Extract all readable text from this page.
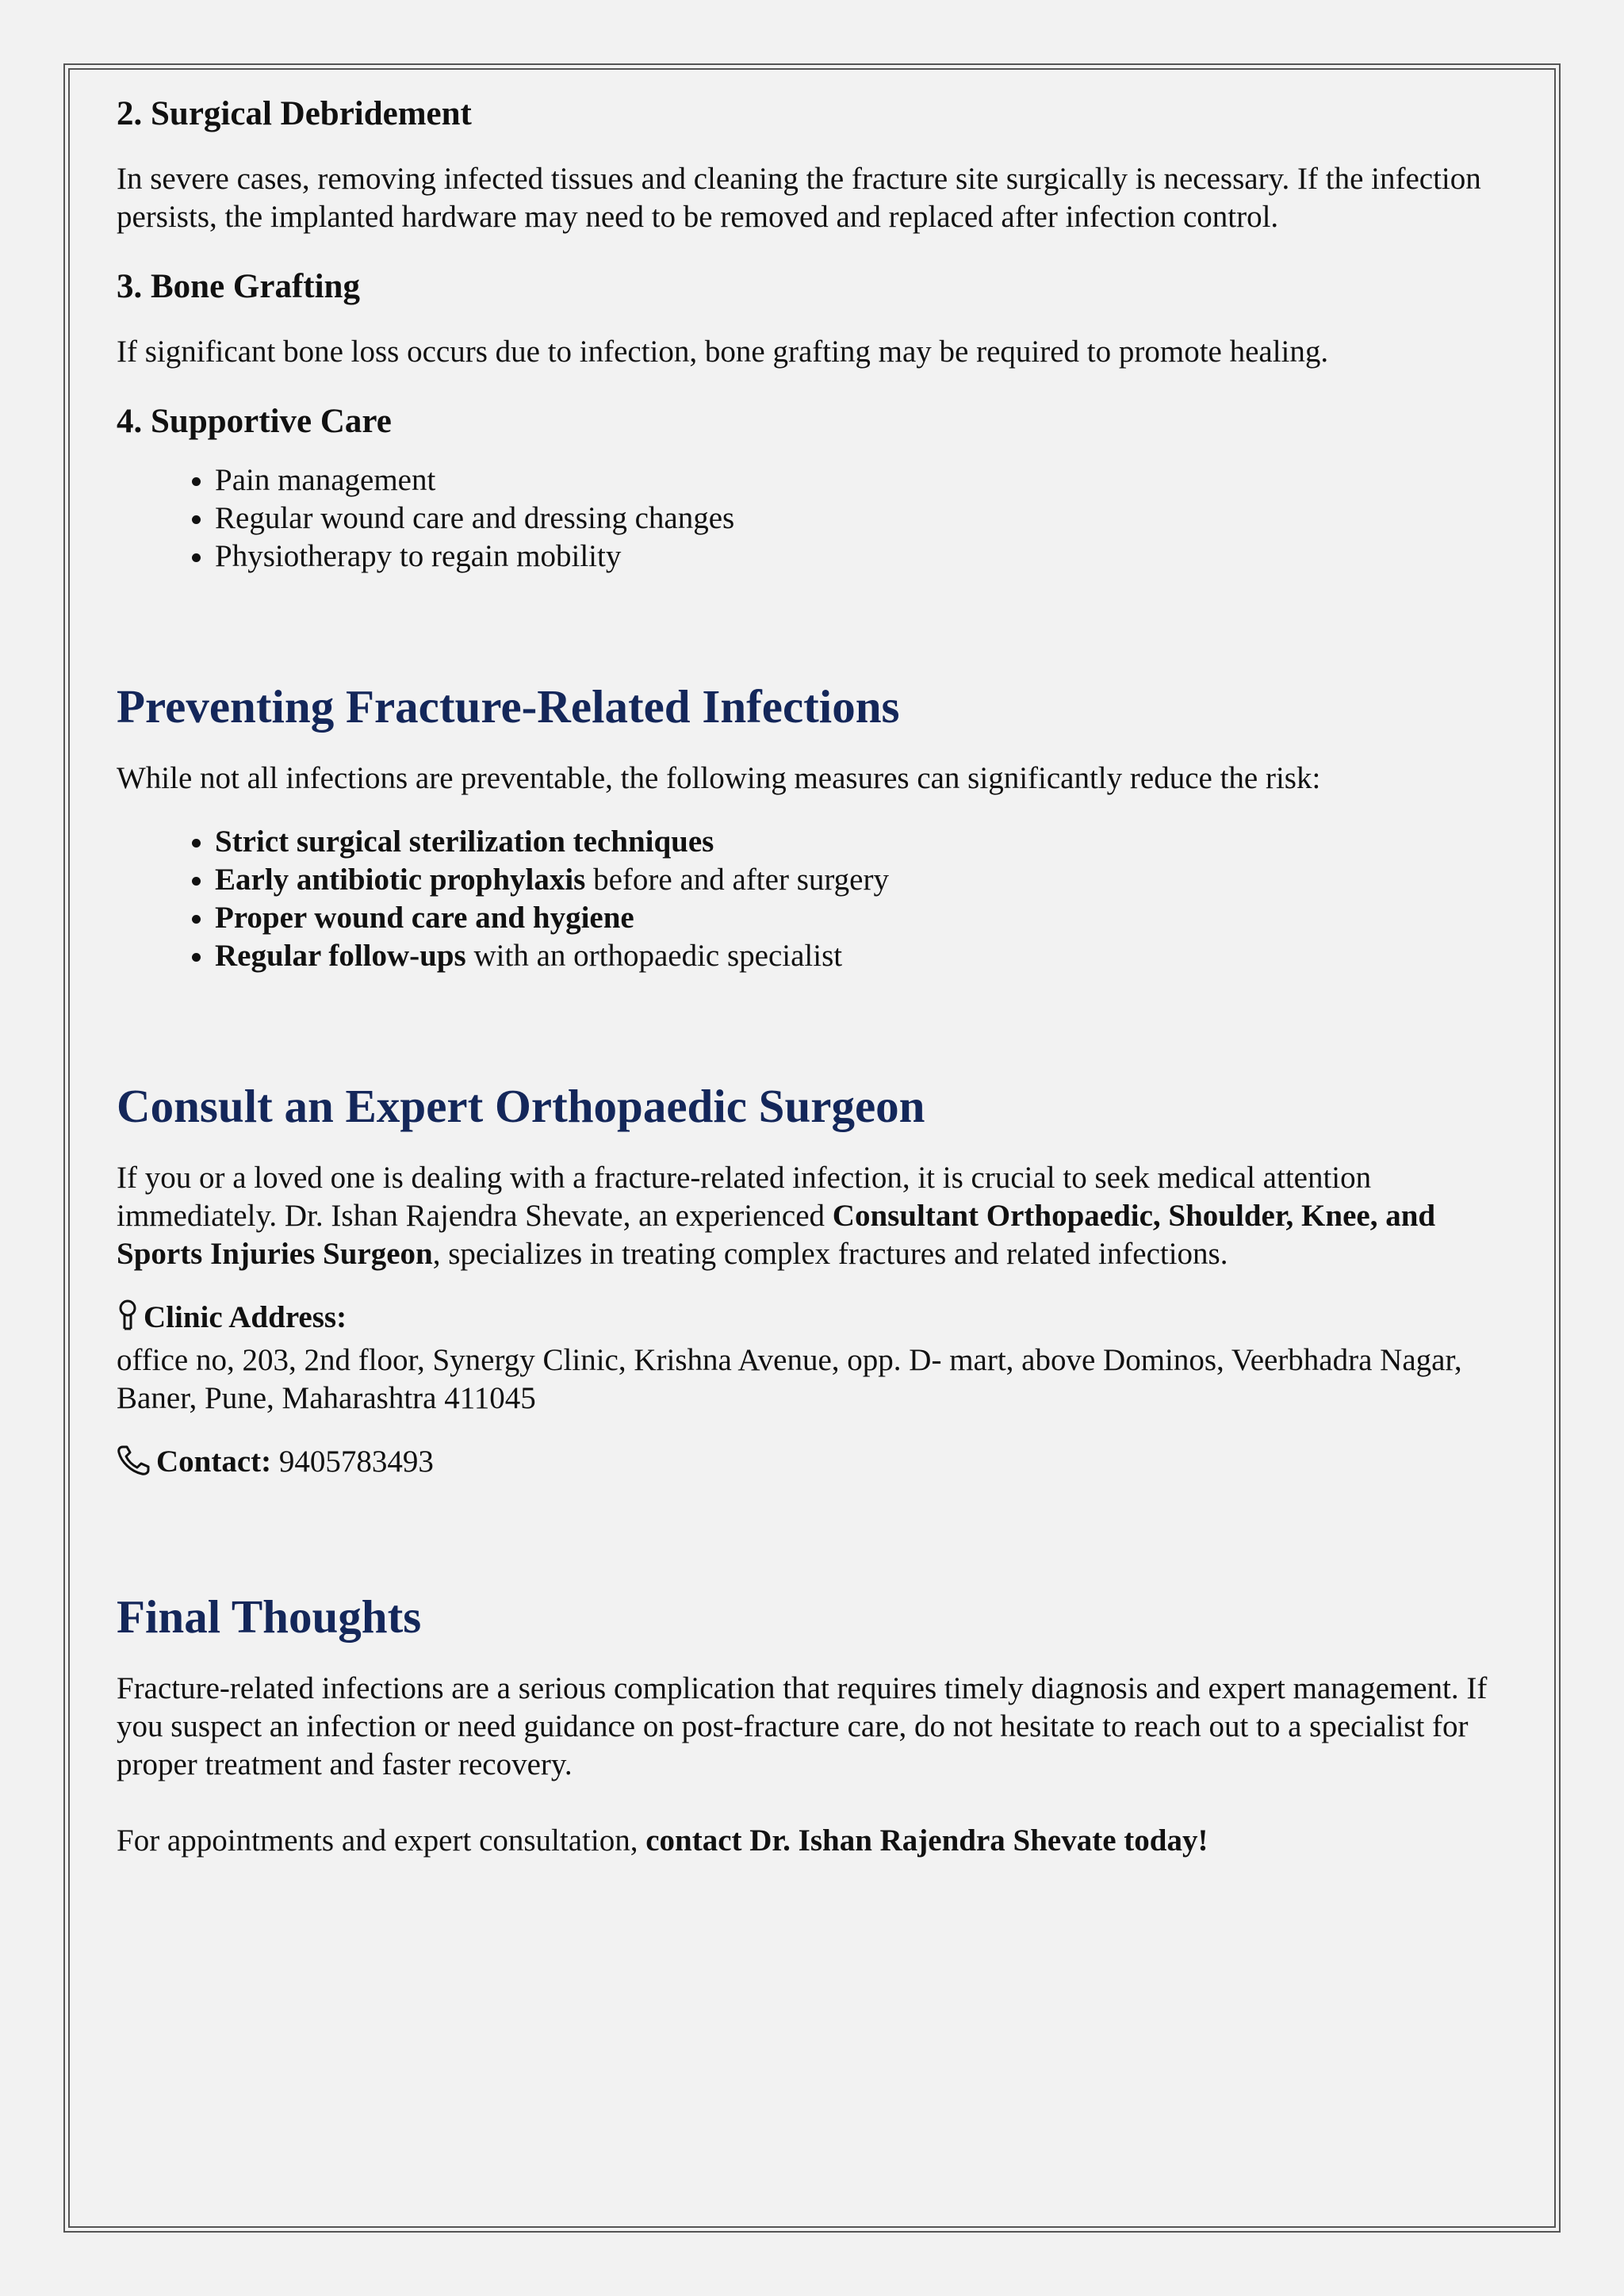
2. Surgical Debridement

In severe cases, removing infected tissues and cleaning the fracture site surgically is necessary. If the infection persists, the implanted hardware may need to be removed and replaced after infection control.

3. Bone Grafting

If significant bone loss occurs due to infection, bone grafting may be required to promote healing.

4. Supportive Care
• Pain management
• Regular wound care and dressing changes
• Physiotherapy to regain mobility
Preventing Fracture-Related Infections

While not all infections are preventable, the following measures can significantly reduce the risk:

• Strict surgical sterilization techniques
• Early antibiotic prophylaxis before and after surgery
• Proper wound care and hygiene
• Regular follow-ups with an orthopaedic specialist
Consult an Expert Orthopaedic Surgeon

If you or a loved one is dealing with a fracture-related infection, it is crucial to seek medical attention immediately. Dr. Ishan Rajendra Shevate, an experienced Consultant Orthopaedic, Shoulder, Knee, and Sports Injuries Surgeon, specializes in treating complex fractures and related infections.

Clinic Address:
office no, 203, 2nd floor, Synergy Clinic, Krishna Avenue, opp. D- mart, above Dominos, Veerbhadra Nagar, Baner, Pune, Maharashtra 411045

Contact: 9405783493

Final Thoughts

Fracture-related infections are a serious complication that requires timely diagnosis and expert management. If you suspect an infection or need guidance on post-fracture care, do not hesitate to reach out to a specialist for proper treatment and faster recovery.

For appointments and expert consultation, contact Dr. Ishan Rajendra Shevate today!
